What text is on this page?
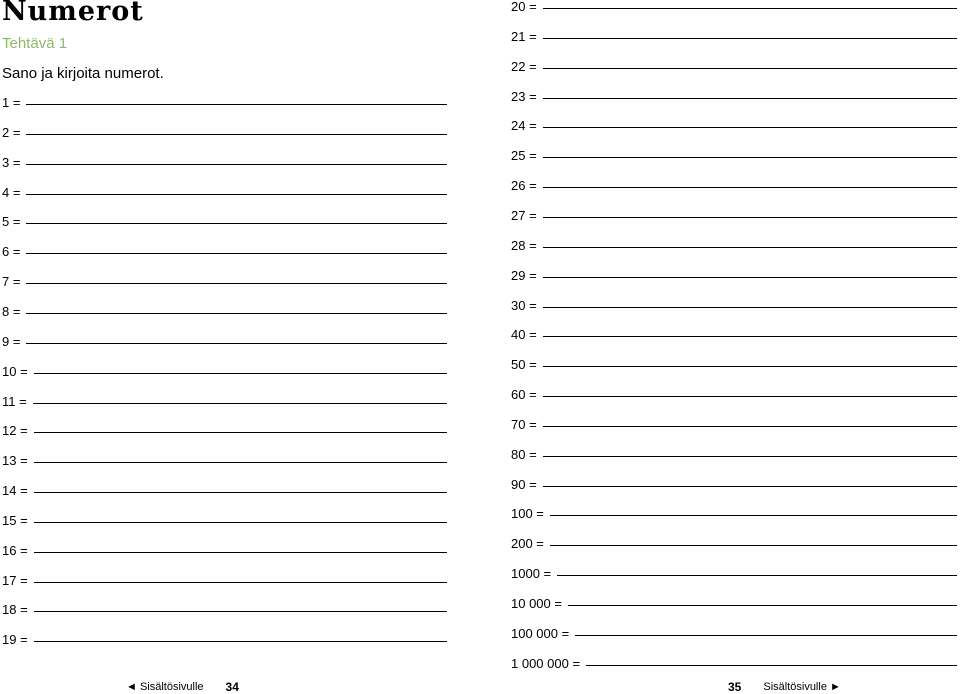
Numerot

Tehtävä 1

Sano ja kirjoita numerot.

1 =
2 =
3 =
4 =
5 =
6 =
7 =
8 =
9 =
10 =
11 =
12 =
13 =
14 =
15 =
16 =
17 =
18 =
19 =
20 =
21 =
22 =
23 =
24 =
25 =
26 =
27 =
28 =
29 =
30 =
40 =
50 =
60 =
70 =
80 =
90 =
100 =
200 =
1000 =
10 000 =
100 000 =
1 000 000 =
◄ Sisältösivulle 34	35 Sisältösivulle ►
